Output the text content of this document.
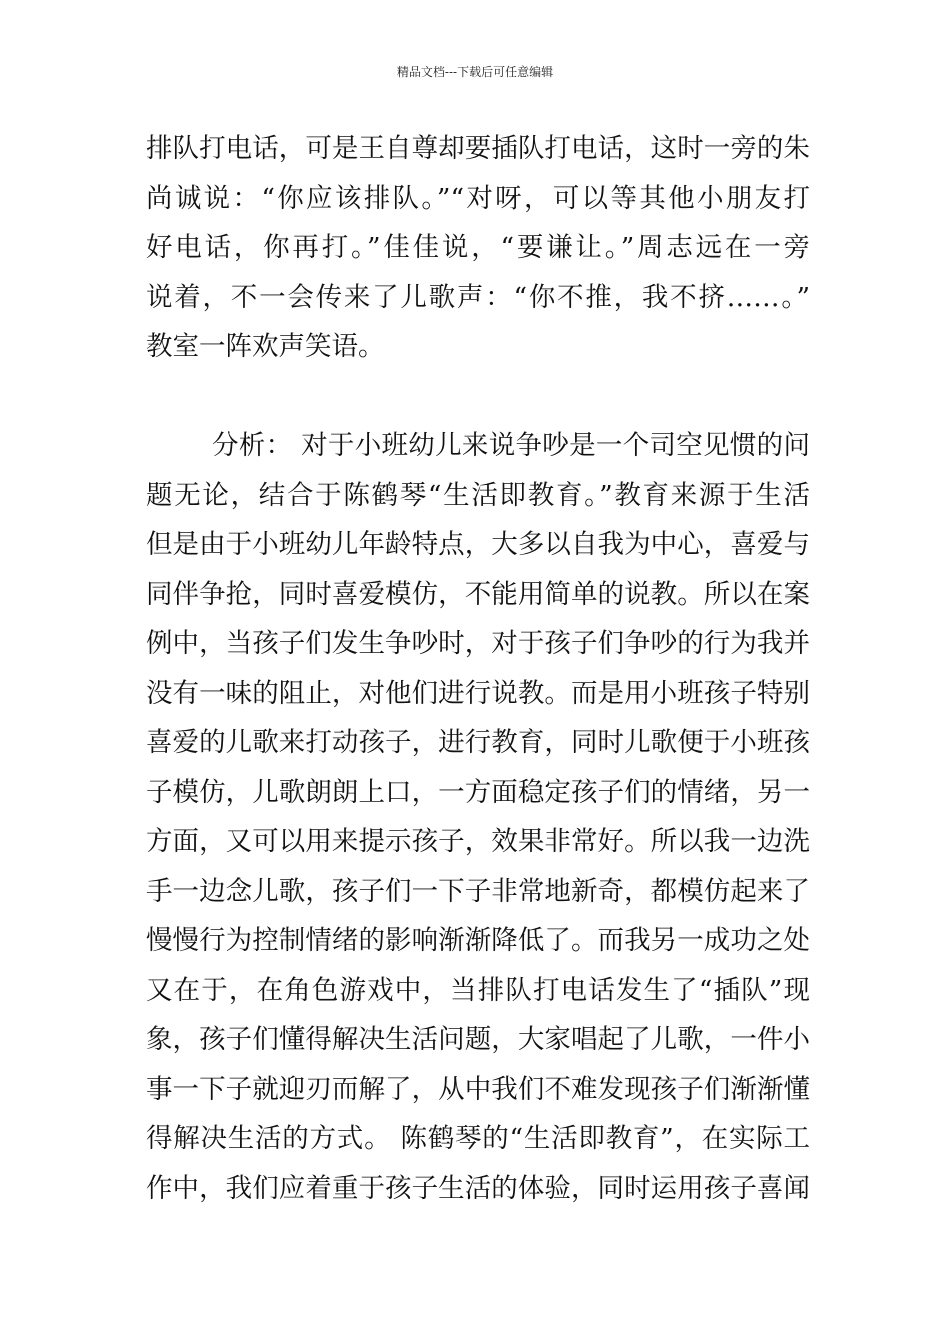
精品文档---下载后可任意编辑
排队打电话，可是王自尊却要插队打电话，这时一旁的朱
尚诚说：“你应该排队。”“对呀，可以等其他小朋友打
好电话，你再打。”佳佳说，“要谦让。”周志远在一旁
说着，不一会传来了儿歌声：“你不推，我不挤……。”
教室一阵欢声笑语。
分析： 对于小班幼儿来说争吵是一个司空见惯的问
题无论，结合于陈鹤琴“生活即教育。”教育来源于生活
但是由于小班幼儿年龄特点，大多以自我为中心，喜爱与
同伴争抢，同时喜爱模仿，不能用简单的说教。所以在案
例中，当孩子们发生争吵时，对于孩子们争吵的行为我并
没有一味的阻止，对他们进行说教。而是用小班孩子特别
喜爱的儿歌来打动孩子，进行教育，同时儿歌便于小班孩
子模仿，儿歌朗朗上口，一方面稳定孩子们的情绪，另一
方面，又可以用来提示孩子，效果非常好。所以我一边洗
手一边念儿歌，孩子们一下子非常地新奇，都模仿起来了
慢慢行为控制情绪的影响渐渐降低了。而我另一成功之处
又在于，在角色游戏中，当排队打电话发生了“插队”现
象，孩子们懂得解决生活问题，大家唱起了儿歌，一件小
事一下子就迎刃而解了，从中我们不难发现孩子们渐渐懂
得解决生活的方式。 陈鹤琴的“生活即教育”，在实际工
作中，我们应着重于孩子生活的体验，同时运用孩子喜闻
